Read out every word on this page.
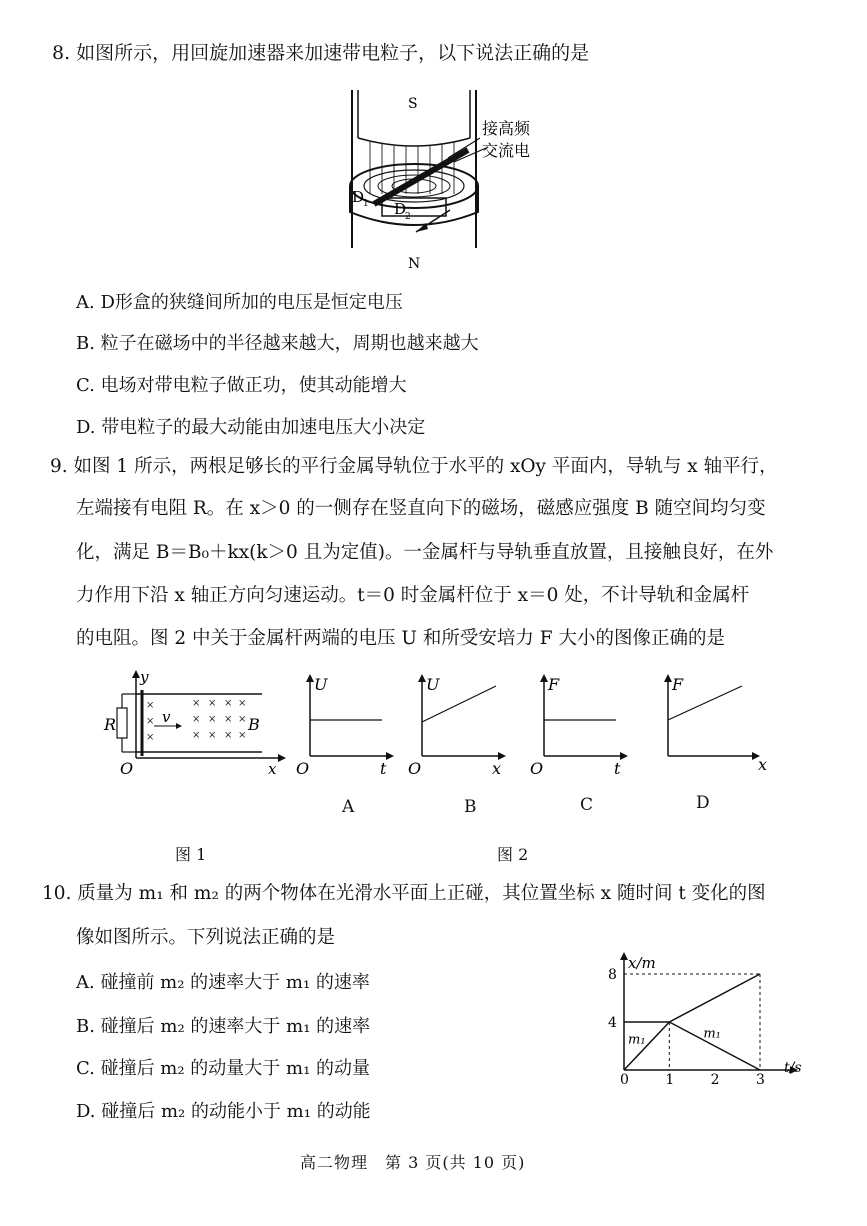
8. 如图所示，用回旋加速器来加速带电粒子，以下说法正确的是
S
N
接高频
交流电
D
1 D
2
A. D形盒的狭缝间所加的电压是恒定电压
B. 粒子在磁场中的半径越来越大，周期也越来越大
C. 电场对带电粒子做正功，使其动能增大
D. 带电粒子的最大动能由加速电压大小决定
9. 如图 1 所示，两根足够长的平行金属导轨位于水平的 xOy 平面内，导轨与 x 轴平行，
左端接有电阻 R。在 x＞0 的一侧存在竖直向下的磁场，磁感应强度 B 随空间均匀变
化，满足 B＝B₀＋kx(k＞0 且为定值)。一金属杆与导轨垂直放置，且接触良好，在外
力作用下沿 x 轴正方向匀速运动。t＝0 时金属杆位于 x＝0 处，不计导轨和金属杆
的电阻。图 2 中关于金属杆两端的电压 U 和所受安培力 F 大小的图像正确的是
×
×
×
× × × ×
× × × ×
× × × ×
y
x
O
R	v	B
U
t
O
U
x
O
F
t
O
F
x
A	B	C	D
图 1	图 2
10. 质量为 m₁ 和 m₂ 的两个物体在光滑水平面上正碰，其位置坐标 x 随时间 t 变化的图
像如图所示。下列说法正确的是
A. 碰撞前 m₂ 的速率大于 m₁ 的速率
B. 碰撞后 m₂ 的速率大于 m₁ 的速率
C. 碰撞后 m₂ 的动量大于 m₁ 的动量
D. 碰撞后 m₂ 的动能小于 m₁ 的动能
x/m
t/s
0	1	2	3
4
8
m₁	m₁
高二物理　第 3 页(共 10 页)
